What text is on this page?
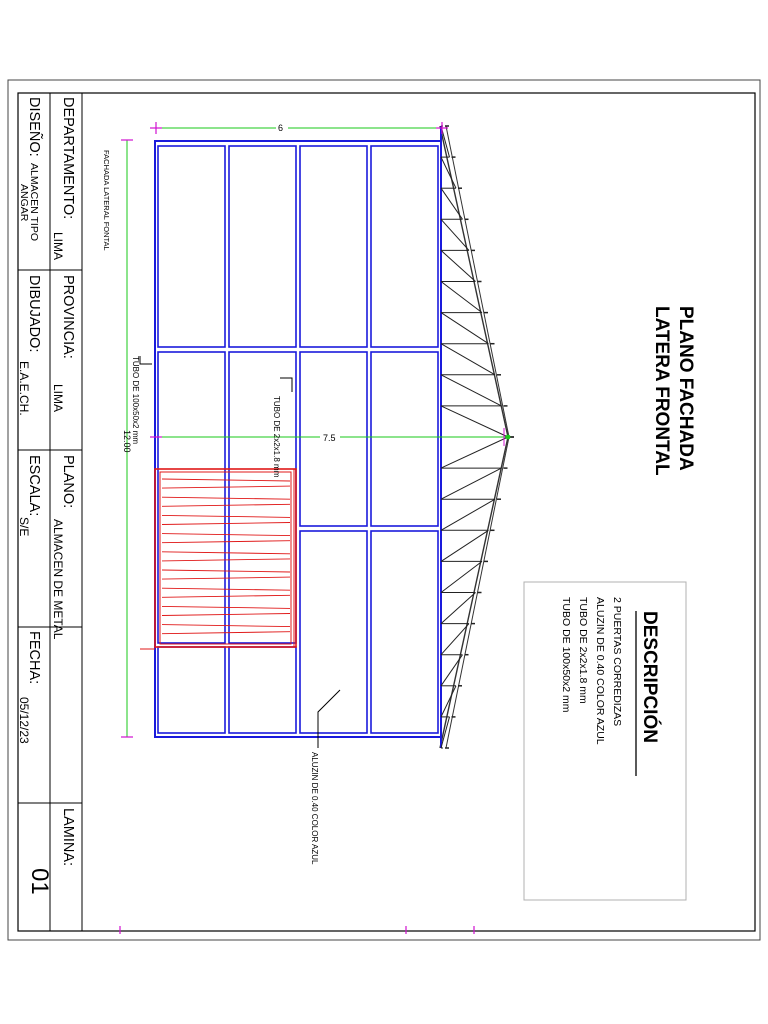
FACHADA LATERAL FONTAL
PLANO FACHADA
LATERA FRONTAL
DESCRIPCIÓN
2 PUERTAS CORREDIZAS
ALUZIN DE 0.40 COLOR AZUL
TUBO DE 2x2x1.8 mm
TUBO DE 100x50x2 mm
6
7.5
12.00 TUBO DE 100x50x2 mm	TUBO DE 2x2x1.8 mm
ALUZIN DE 0.40 COLOR AZUL
DEPARTAMENTO:
LIMA
DISEÑO:
ALMACEN TIPO
ANGAR
PROVINCIA:
LIMA
DIBUJADO:
E.A.E.CH.
PLANO:
ALMACEN DE METAL
ESCALA:
S/E
FECHA:
05/12/23
LAMINA:
01
